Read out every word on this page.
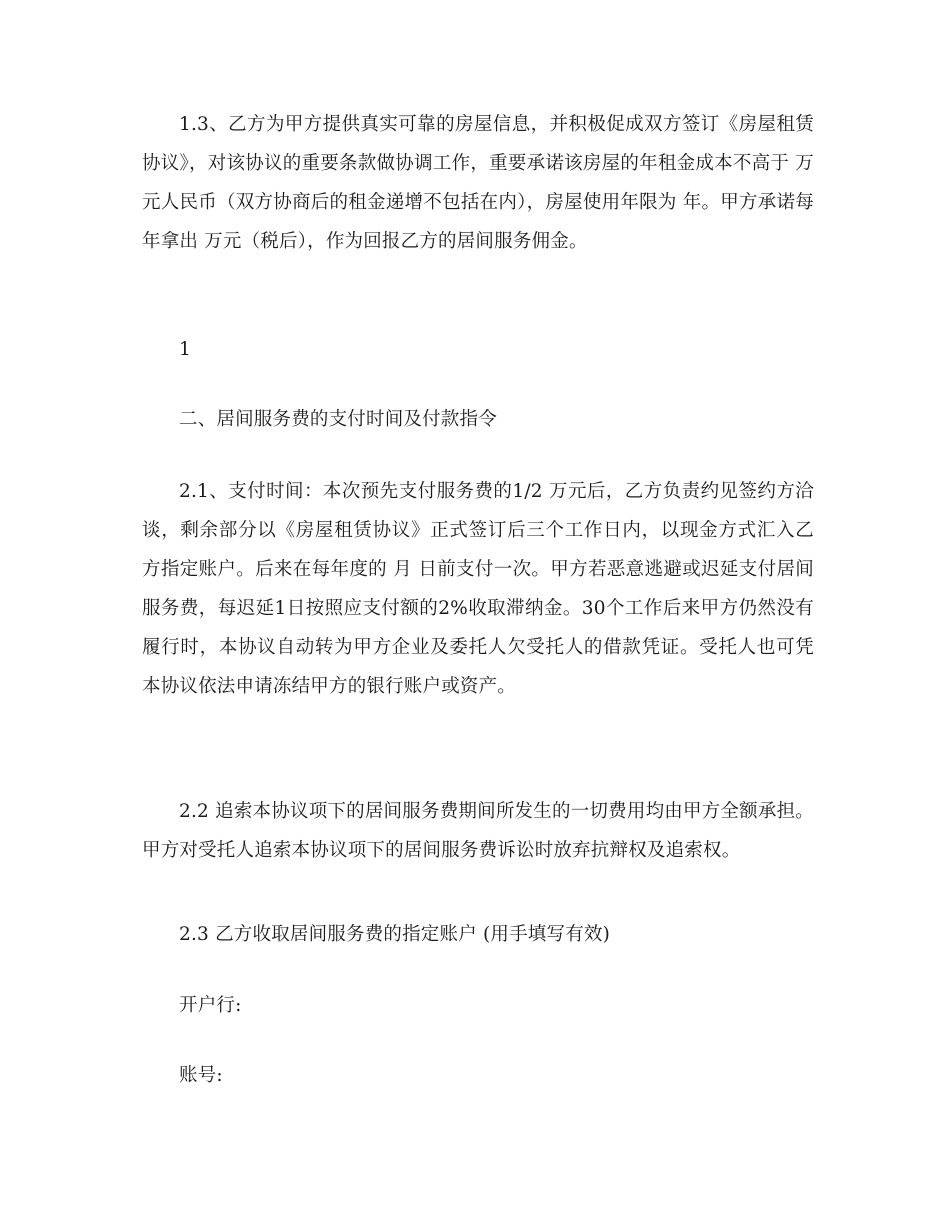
1.3、乙方为甲方提供真实可靠的房屋信息，并积极促成双方签订《房屋租赁协议》，对该协议的重要条款做协调工作，重要承诺该房屋的年租金成本不高于 万元人民币（双方协商后的租金递增不包括在内），房屋使用年限为 年。甲方承诺每年拿出 万元（税后），作为回报乙方的居间服务佣金。

1

二、居间服务费的支付时间及付款指令

2.1、支付时间：本次预先支付服务费的1/2 万元后，乙方负责约见签约方洽谈，剩余部分以《房屋租赁协议》正式签订后三个工作日内，以现金方式汇入乙方指定账户。后来在每年度的 月 日前支付一次。甲方若恶意逃避或迟延支付居间服务费，每迟延1日按照应支付额的2%收取滞纳金。30个工作后来甲方仍然没有履行时，本协议自动转为甲方企业及委托人欠受托人的借款凭证。受托人也可凭本协议依法申请冻结甲方的银行账户或资产。

2.2 追索本协议项下的居间服务费期间所发生的一切费用均由甲方全额承担。甲方对受托人追索本协议项下的居间服务费诉讼时放弃抗辩权及追索权。

2.3 乙方收取居间服务费的指定账户 (用手填写有效)

开户行:

账号:
